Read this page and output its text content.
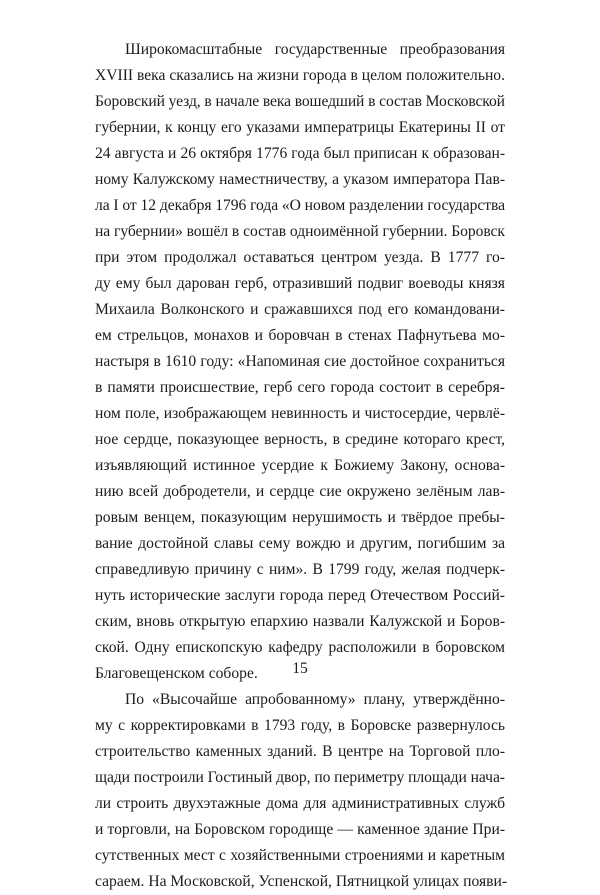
Широкомасштабные государственные преобразования
XVIII века сказались на жизни города в целом положительно.
Боровский уезд, в начале века вошедший в состав Московской
губернии, к концу его указами императрицы Екатерины II от
24 августа и 26 октября 1776 года был приписан к образован-
ному Калужскому наместничеству, а указом императора Пав-
ла I от 12 декабря 1796 года «О новом разделении государства
на губернии» вошёл в состав одноимённой губернии. Боровск
при этом продолжал оставаться центром уезда. В 1777 го-
ду ему был дарован герб, отразивший подвиг воеводы князя
Михаила Волконского и сражавшихся под его командовани-
ем стрельцов, монахов и боровчан в стенах Пафнутьева мо-
настыря в 1610 году: «Напоминая сие достойное сохраниться
в памяти происшествие, герб сего города состоит в серебря-
ном поле, изображающем невинность и чистосердие, червлё-
ное сердце, показующее верность, в средине котораго крест,
изъявляющий истинное усердие к Божиему Закону, основа-
нию всей добродетели, и сердце сие окружено зелёным лав-
ровым венцем, показующим нерушимость и твёрдое пребы-
вание достойной славы сему вождю и другим, погибшим за
справедливую причину с ним». В 1799 году, желая подчерк-
нуть исторические заслуги города перед Отечеством Россий-
ским, вновь открытую епархию назвали Калужской и Боров-
ской. Одну епископскую кафедру расположили в боровском
Благовещенском соборе.
По «Высочайше апробованному» плану, утверждённо-
му с корректировками в 1793 году, в Боровске развернулось
строительство каменных зданий. В центре на Торговой пло-
щади построили Гостиный двор, по периметру площади нача-
ли строить двухэтажные дома для административных служб
и торговли, на Боровском городище — каменное здание При-
сутственных мест с хозяйственными строениями и каретным
сараем. На Московской, Успенской, Пятницкой улицах появи-
15
